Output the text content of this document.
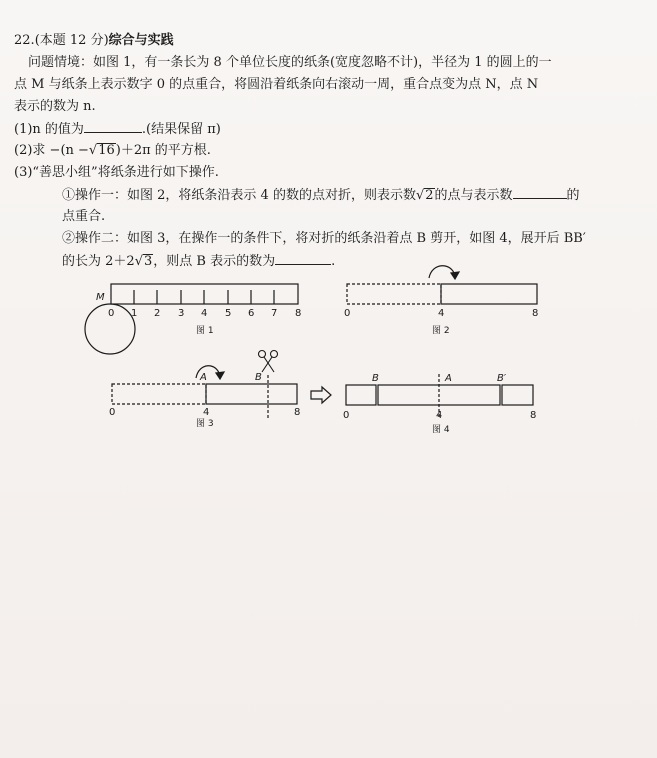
22.(本题 12 分)综合与实践
问题情境：如图 1，有一条长为 8 个单位长度的纸条(宽度忽略不计)，半径为 1 的圆上的一
点 M 与纸条上表示数字 0 的点重合，将圆沿着纸条向右滚动一周，重合点变为点 N，点 N
表示的数为 n.
(1)n 的值为	.(结果保留 π)
(2)求 −(n −√16)＋2π 的平方根.
(3)“善思小组”将纸条进行如下操作.
①操作一：如图 2，将纸条沿表示 4 的数的点对折，则表示数√2的点与表示数	的
点重合.
②操作二：如图 3，在操作一的条件下，将对折的纸条沿着点 B 剪开，如图 4，展开后 BB′
的长为 2＋2√3，则点 B 表示的数为	.
M
0 1 2 3 4 5 6 7 8
图 1
0	4	8
图 2
A	B
0	4	8
图 3
B	A	B′
0	4	8
图 4
